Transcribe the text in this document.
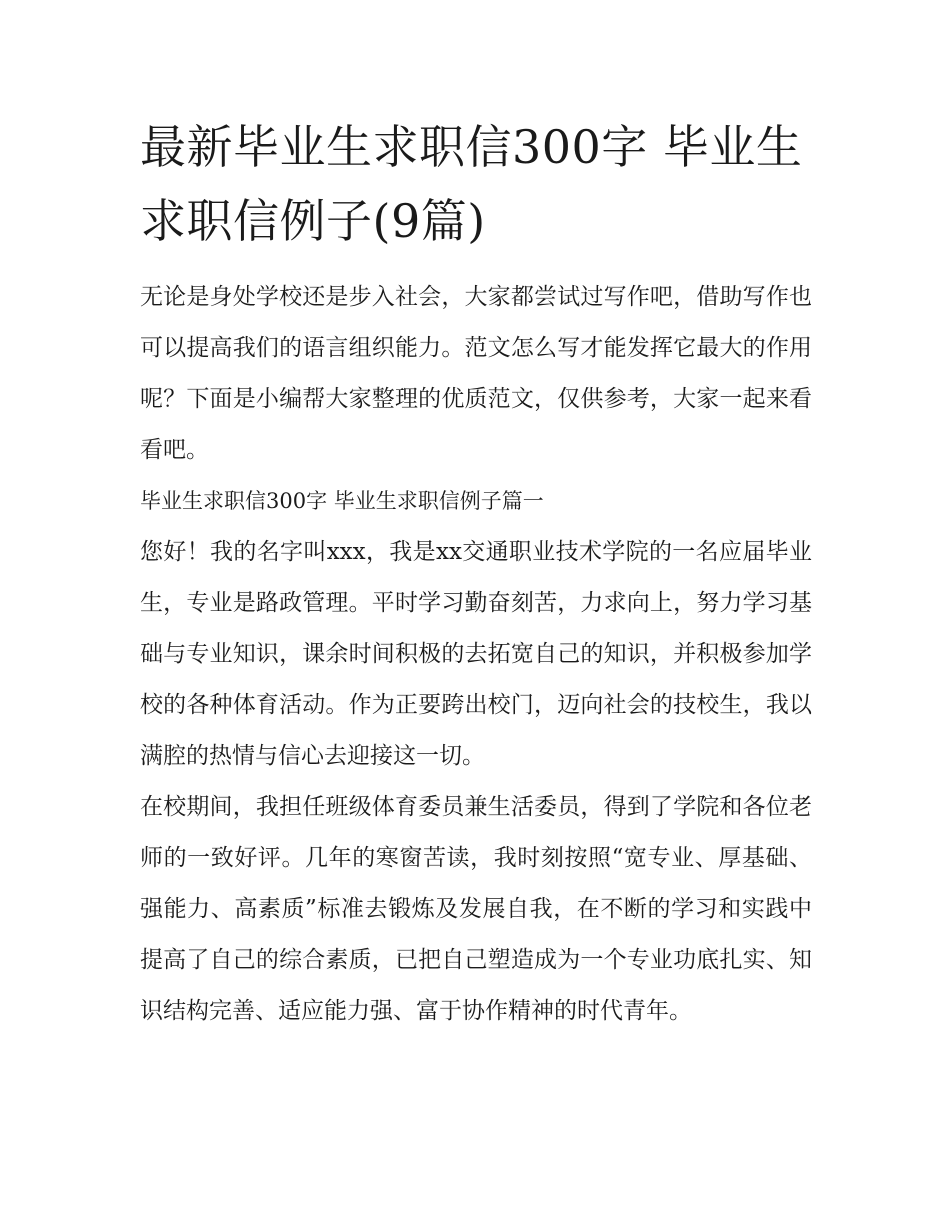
最新毕业生求职信300字 毕业生求职信例子(9篇)

无论是身处学校还是步入社会，大家都尝试过写作吧，借助写作也可以提高我们的语言组织能力。范文怎么写才能发挥它最大的作用呢？下面是小编帮大家整理的优质范文，仅供参考，大家一起来看看吧。

毕业生求职信300字 毕业生求职信例子篇一

您好！我的名字叫xxx，我是xx交通职业技术学院的一名应届毕业生，专业是路政管理。平时学习勤奋刻苦，力求向上，努力学习基础与专业知识，课余时间积极的去拓宽自己的知识，并积极参加学校的各种体育活动。作为正要跨出校门，迈向社会的技校生，我以满腔的热情与信心去迎接这一切。

在校期间，我担任班级体育委员兼生活委员，得到了学院和各位老师的一致好评。几年的寒窗苦读，我时刻按照“宽专业、厚基础、强能力、高素质”标准去锻炼及发展自我，在不断的学习和实践中提高了自己的综合素质，已把自己塑造成为一个专业功底扎实、知识结构完善、适应能力强、富于协作精神的时代青年。
